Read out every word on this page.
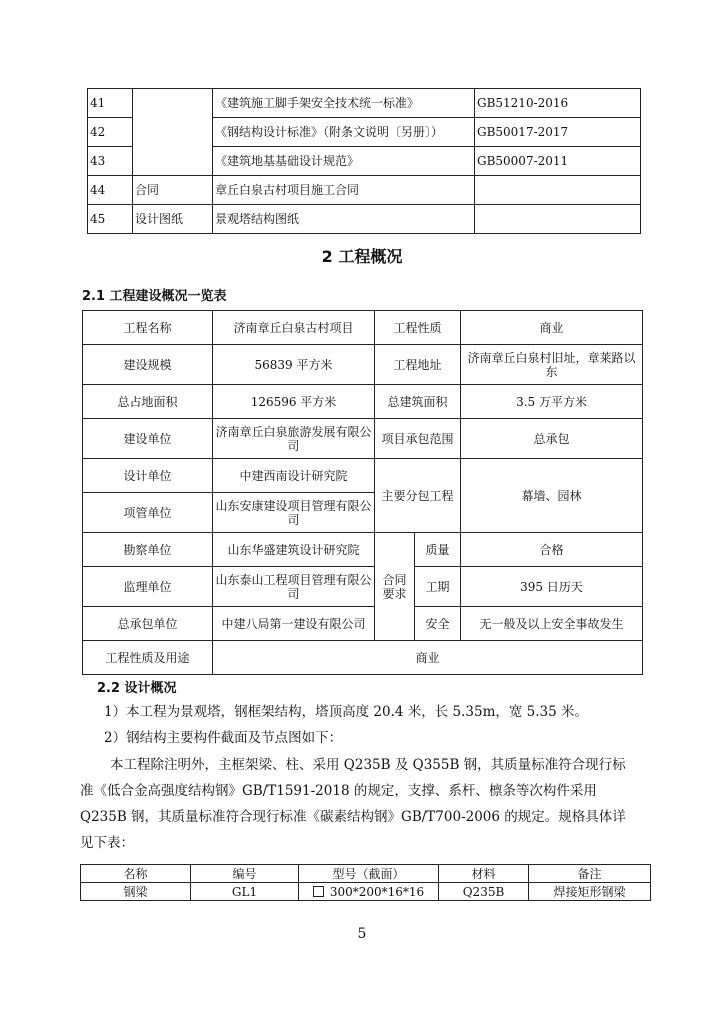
41		《建筑施工脚手架安全技术统一标准》	GB51210-2016
42		《钢结构设计标准》（附条文说明〔另册〕）	GB50017-2017
43		《建筑地基基础设计规范》	GB50007-2011
44	合同	章丘白泉古村项目施工合同	
45	设计图纸	景观塔结构图纸	
2 工程概况
2.1 工程建设概况一览表
工程名称	济南章丘白泉古村项目	工程性质		商业
建设规模	56839 平方米	工程地址		济南章丘白泉村旧址，章莱路以东
总占地面积	126596 平方米	总建筑面积		3.5 万平方米
建设单位	济南章丘白泉旅游发展有限公司	项目承包范围		总承包
设计单位	中建西南设计研究院	主要分包工程		幕墙、园林
项管单位	山东安康建设项目管理有限公司			
勘察单位	山东华盛建筑设计研究院	合同要求	质量	合格
监理单位	山东泰山工程项目管理有限公司		工期	395 日历天
总承包单位	中建八局第一建设有限公司		安全	无一般及以上安全事故发生
工程性质及用途	商业			
2.2 设计概况
1）本工程为景观塔，钢框架结构，塔顶高度 20.4 米，长 5.35m，宽 5.35 米。
2）钢结构主要构件截面及节点图如下：
本工程除注明外，主框架梁、柱、采用 Q235B 及 Q355B 钢，其质量标准符合现行标
准《低合金高强度结构钢》GB/T1591-2018 的规定，支撑、系杆、檩条等次构件采用
Q235B 钢，其质量标准符合现行标准《碳素结构钢》GB/T700-2006 的规定。规格具体详
见下表：
名称	编号	型号（截面）	材料	备注
钢梁	GL1	300*200*16*16	Q235B	焊接矩形钢梁
5
